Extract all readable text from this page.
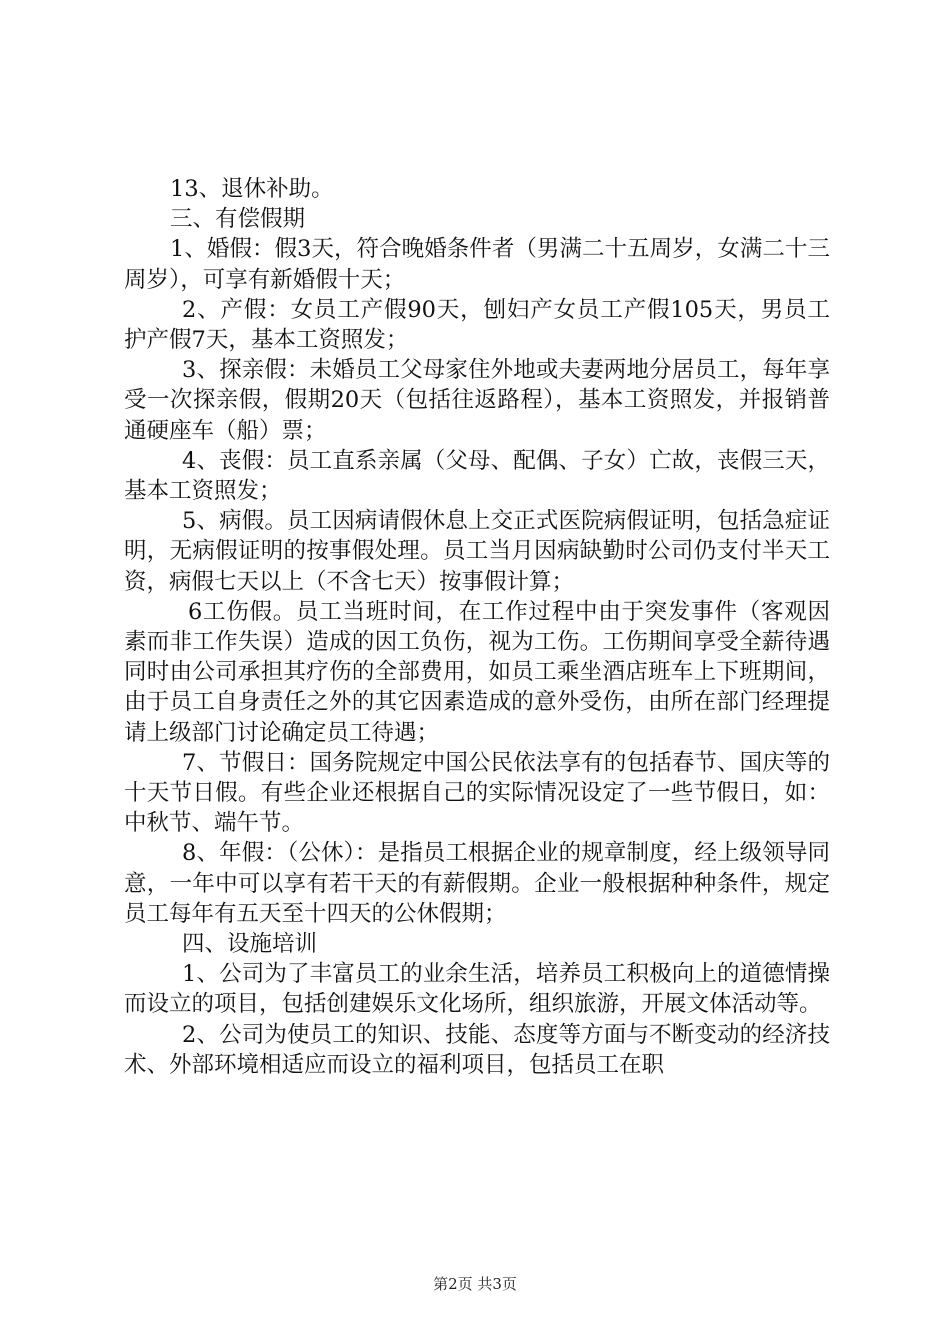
13、退休补助。

三、有偿假期

1、婚假：假3天，符合晚婚条件者（男满二十五周岁，女满二十三周岁），可享有新婚假十天；

2、产假：女员工产假90天，刨妇产女员工产假105天，男员工护产假7天，基本工资照发；

3、探亲假：未婚员工父母家住外地或夫妻两地分居员工，每年享受一次探亲假，假期20天（包括往返路程），基本工资照发，并报销普通硬座车（船）票；

4、丧假：员工直系亲属（父母、配偶、子女）亡故，丧假三天，基本工资照发；

5、病假。员工因病请假休息上交正式医院病假证明，包括急症证明，无病假证明的按事假处理。员工当月因病缺勤时公司仍支付半天工资，病假七天以上（不含七天）按事假计算；

6工伤假。员工当班时间，在工作过程中由于突发事件（客观因素而非工作失误）造成的因工负伤，视为工伤。工伤期间享受全薪待遇同时由公司承担其疗伤的全部费用，如员工乘坐酒店班车上下班期间，由于员工自身责任之外的其它因素造成的意外受伤，由所在部门经理提请上级部门讨论确定员工待遇；

7、节假日：国务院规定中国公民依法享有的包括春节、国庆等的十天节日假。有些企业还根据自己的实际情况设定了一些节假日，如：中秋节、端午节。

8、年假：（公休）：是指员工根据企业的规章制度，经上级领导同意，一年中可以享有若干天的有薪假期。企业一般根据种种条件，规定员工每年有五天至十四天的公休假期；

四、设施培训

1、公司为了丰富员工的业余生活，培养员工积极向上的道德情操而设立的项目，包括创建娱乐文化场所，组织旅游，开展文体活动等。

2、公司为使员工的知识、技能、态度等方面与不断变动的经济技术、外部环境相适应而设立的福利项目，包括员工在职

第2页 共3页
